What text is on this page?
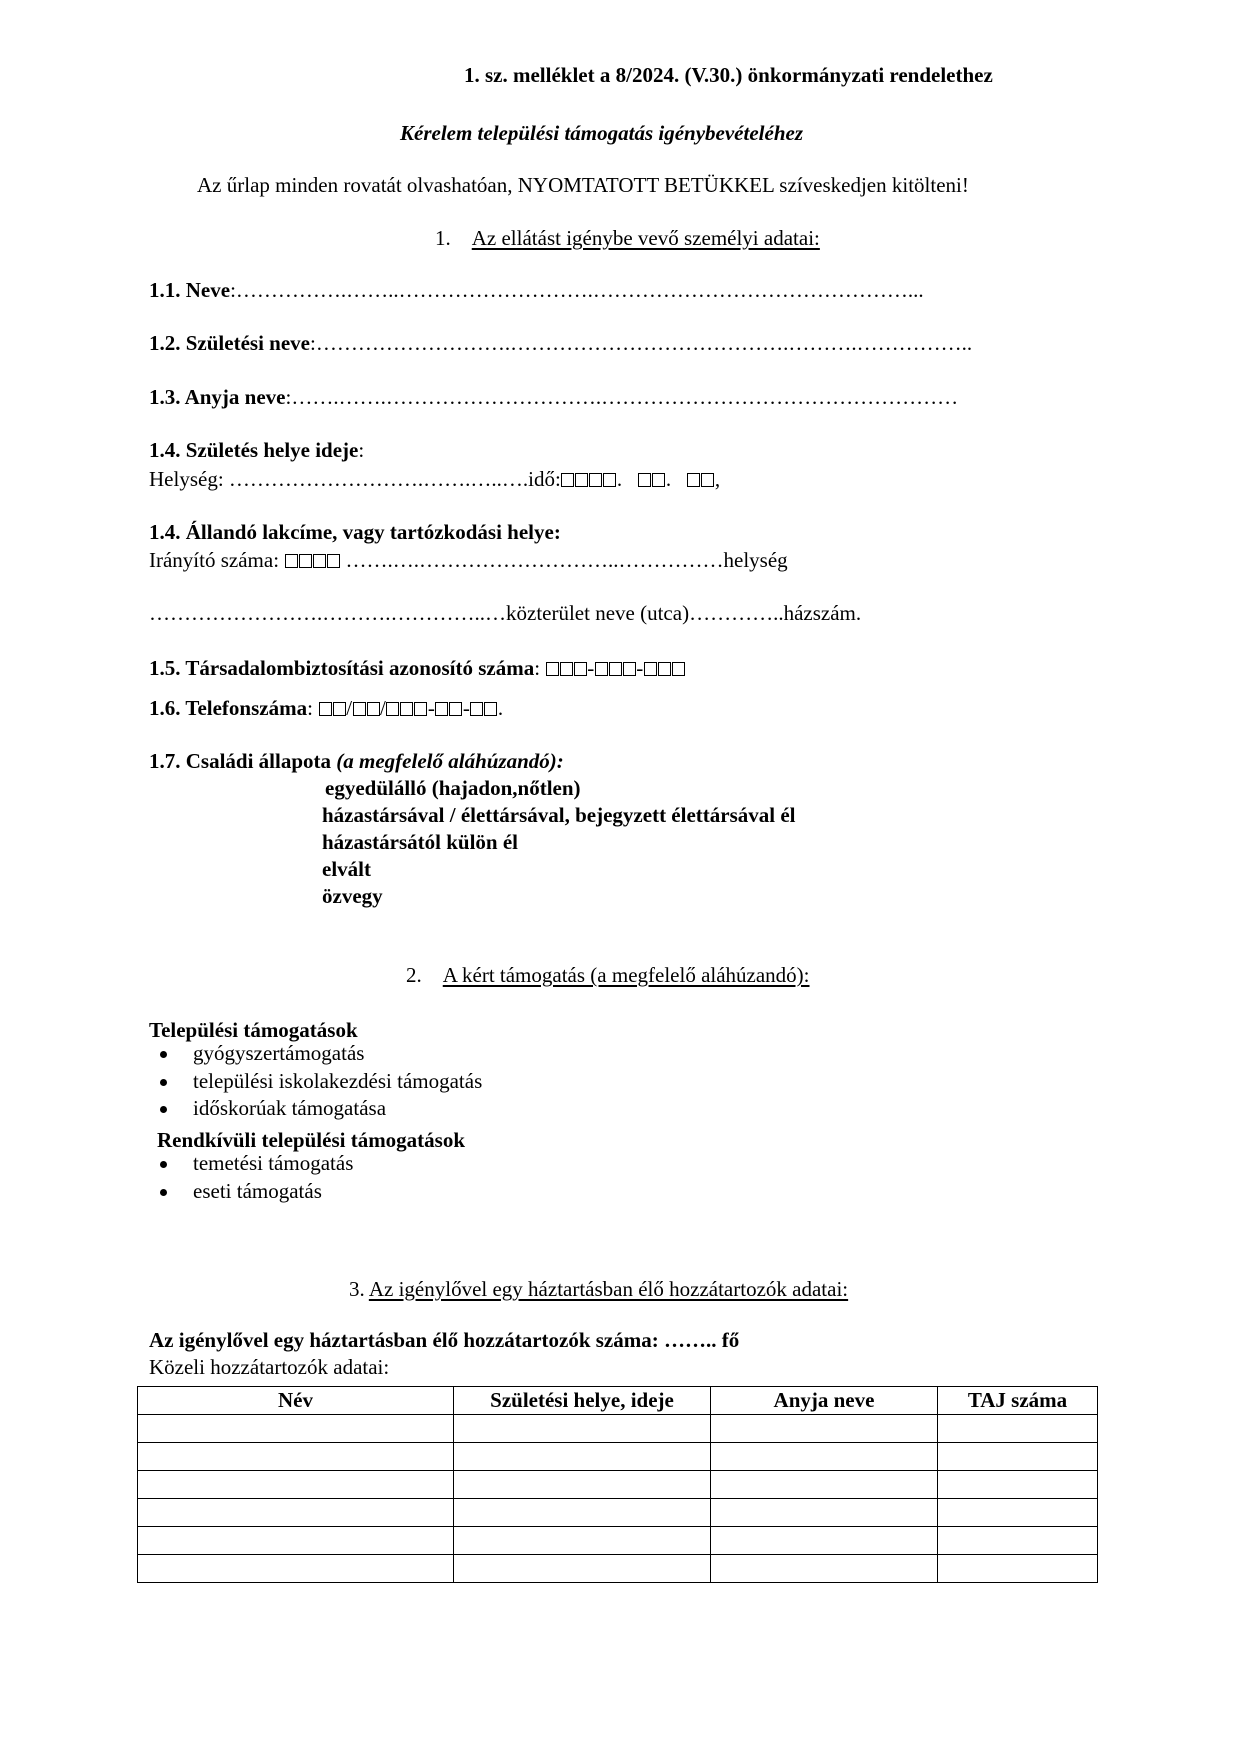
1. sz. melléklet a 8/2024. (V.30.) önkormányzati rendelethez
Kérelem települési támogatás igénybevételéhez
Az űrlap minden rovatát olvashatóan, NYOMTATOTT BETÜKKEL szíveskedjen kitölteni!
1. Az ellátást igénybe vevő személyi adatai:
1.1. Neve:…………….……..……………………….………………………………………...
1.2. Születési neve:……………………….………………………………….……….……………..
1.3. Anyja neve:…….…….………………………….……………………………………………
1.4. Születés helye ideje:
Helység: ……………………….…….…..….idő:	. . ,
1.4. Állandó lakcíme, vagy tartózkodási helye:
Irányító száma:	…….….………………………..……………helység
…………………….……….…………..…közterület neve (utca)…………..házszám.
1.5. Társadalombiztosítási azonosító száma: - -
1.6. Telefonszáma: / / - - .
1.7. Családi állapota (a megfelelő aláhúzandó):
egyedülálló (hajadon,nőtlen)
házastársával / élettársával, bejegyzett élettársával él
házastársától külön él
elvált
özvegy
2. A kért támogatás (a megfelelő aláhúzandó):
Települési támogatások
gyógyszertámogatás
települési iskolakezdési támogatás
időskorúak támogatása
Rendkívüli települési támogatások
temetési támogatás
eseti támogatás
3. Az igénylővel egy háztartásban élő hozzátartozók adatai:
Az igénylővel egy háztartásban élő hozzátartozók száma: …….. fő
Közeli hozzátartozók adatai:
Név	Születési helye, ideje	Anyja neve	TAJ száma
